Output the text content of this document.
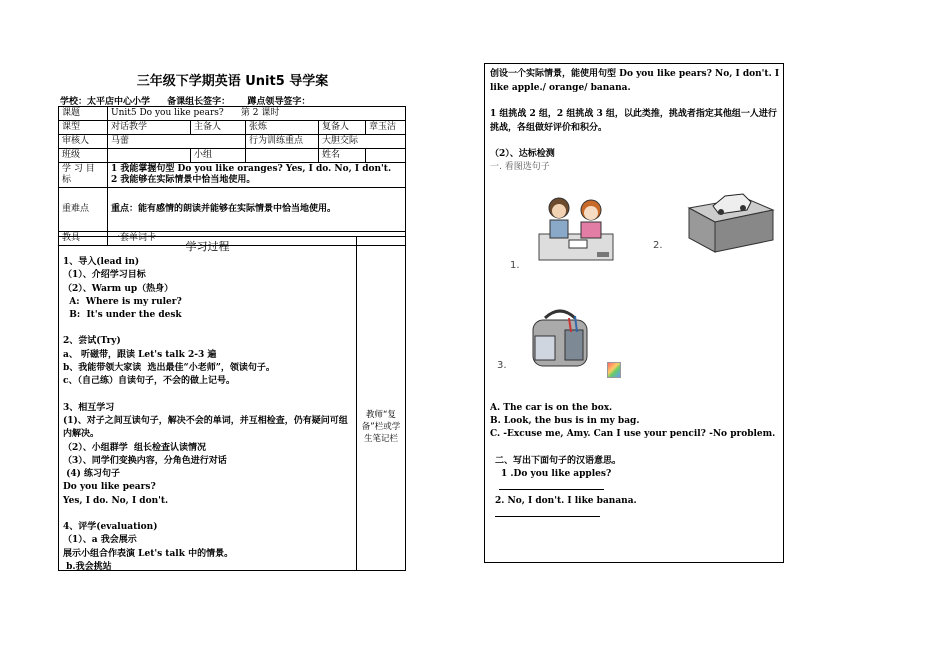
三年级下学期英语 Unit5 导学案
学校：太平店中心小学 备课组长签字： 蹲点领导签字：
课题	Unit5 Do you like pears? 第 2 课时				
课型	对话教学	主备人	张炼	复备人	章玉洁
审核人	马蕾		行为训练重点	大胆交际	
班级		小组		姓名	
学 习 目 标	1 我能掌握句型 Do you like oranges? Yes, I do. No, I don't.
2 我能够在实际情景中恰当地使用。				

重难点	重点：能有感情的朗读并能够在实际情景中恰当地使用。				
教具	一套单词卡				
学习过程
1、导入(lead in)
（1）、介绍学习目标
（2）、Warm up（热身）
A:  Where is my ruler?
B:  It's under the desk
2、尝试(Try)
a、 听磁带，跟读 Let's talk 2-3 遍
b、我能带领大家读  选出最佳“小老师”，领读句子。
c、（自己练）自读句子，不会的做上记号。
3、相互学习
(1)、对子之间互读句子，解决不会的单词，并互相检查，仍有疑问可组内解决。
（2）、小组群学  组长检查认读情况
（3）、同学们变换内容，分角色进行对话
(4) 练习句子
Do you like pears?
Yes, I do. No, I don't.
4、评学(evaluation)
（1）、a 我会展示
展示小组合作表演 Let's talk 中的情景。
b.我会挑站
教师“复备”栏或学生笔记栏
创设一个实际情景，能使用句型 Do you like pears? No, I don't. I like apple./ orange/ banana.
1 组挑战 2 组，2 组挑战 3 组，以此类推，挑战者指定其他组一人进行挑战，各组做好评价和积分。
（2）、达标检测
一. 看图选句子
1.
2.
3.
A. The car is on the box.
B. Look, the bus is in my bag.
C. -Excuse me, Amy. Can I use your pencil? -No problem.
二、写出下面句子的汉语意思。
1 .Do you like apples?
2. No, I don't. I like banana.
